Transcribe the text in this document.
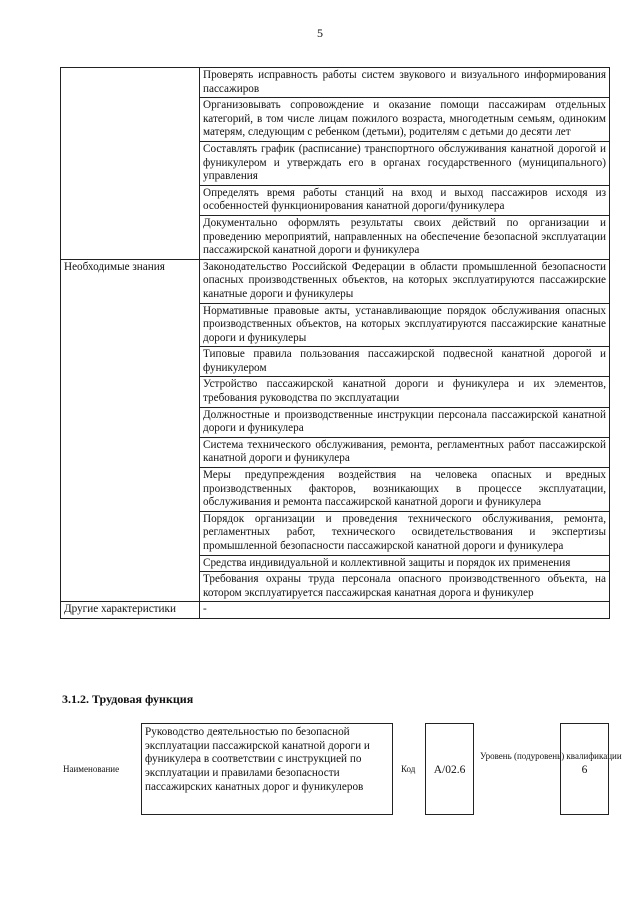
5
	Проверять исправность работы систем звукового и визуального информирования пассажиров
	Организовывать сопровождение и оказание помощи пассажирам отдельных категорий, в том числе лицам пожилого возраста, многодетным семьям, одиноким матерям, следующим с ребенком (детьми), родителям с детьми до десяти лет
	Составлять график (расписание) транспортного обслуживания канатной дорогой и фуникулером и утверждать его в органах государственного (муниципального) управления
	Определять время работы станций на вход и выход пассажиров исходя из особенностей функционирования канатной дороги/фуникулера
	Документально оформлять результаты своих действий по организации и проведению мероприятий, направленных на обеспечение безопасной эксплуатации пассажирской канатной дороги и фуникулера
Необходимые знания	Законодательство Российской Федерации в области промышленной безопасности опасных производственных объектов, на которых эксплуатируются пассажирские канатные дороги и фуникулеры
	Нормативные правовые акты, устанавливающие порядок обслуживания опасных производственных объектов, на которых эксплуатируются пассажирские канатные дороги и фуникулеры
	Типовые правила пользования пассажирской подвесной канатной дорогой и фуникулером
	Устройство пассажирской канатной дороги и фуникулера и их элементов, требования руководства по эксплуатации
	Должностные и производственные инструкции персонала пассажирской канатной дороги и фуникулера
	Система технического обслуживания, ремонта, регламентных работ пассажирской канатной дороги и фуникулера
	Меры предупреждения воздействия на человека опасных и вредных производственных факторов, возникающих в процессе эксплуатации, обслуживания и ремонта пассажирской канатной дороги и фуникулера
	Порядок организации и проведения технического обслуживания, ремонта, регламентных работ, технического освидетельствования и экспертизы промышленной безопасности пассажирской канатной дороги и фуникулера
	Средства индивидуальной и коллективной защиты и порядок их применения
	Требования охраны труда персонала опасного производственного объекта, на котором эксплуатируется пассажирская канатная дорога и фуникулер
Другие характеристики	-
3.1.2. Трудовая функция
Наименование
Руководство деятельностью по безопасной эксплуатации пассажирской канатной дороги и фуникулера в соответствии с инструкцией по эксплуатации и правилами безопасности пассажирских канатных дорог и фуникулеров
Код	А/02.6
Уровень (подуровень) квалификации
6
